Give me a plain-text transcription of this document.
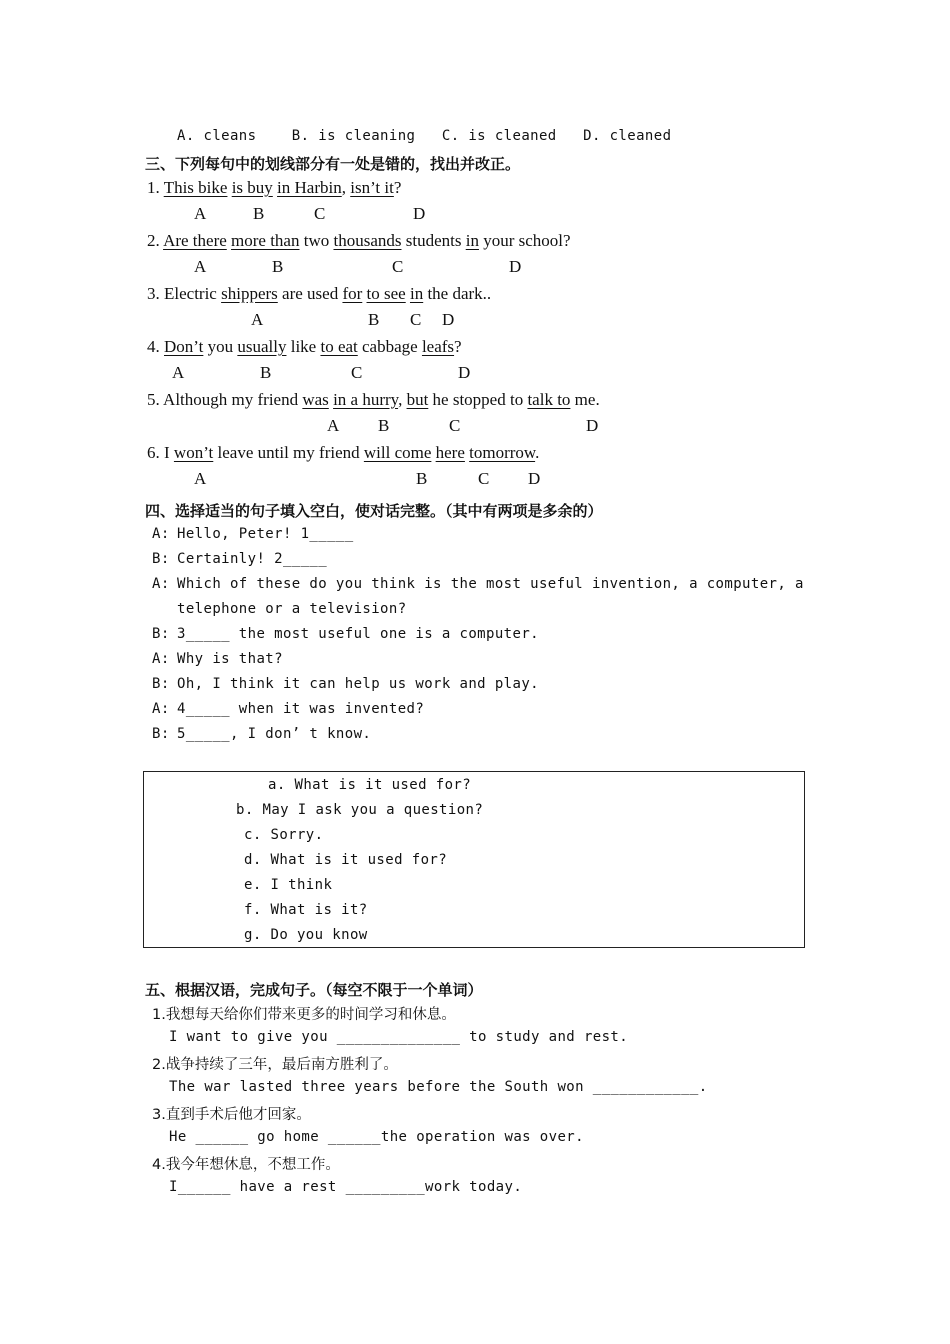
A. cleans    B. is cleaning   C. is cleaned   D. cleaned
三、下列每句中的划线部分有一处是错的，找出并改正。
1. This bike is buy in Harbin, isn’t it?
A	B	C	D
2. Are there more than two thousands students in your school?
A	B	C	D
3. Electric shippers are used for to see in the dark..
A	B C D
4. Don’t you usually like to eat cabbage leafs?
A	B	C	D
5. Although my friend was in a hurry, but he stopped to talk to me.
A B	C	D
6. I won’t leave until my friend will come here tomorrow.
A	B	C D
四、选择适当的句子填入空白，使对话完整。（其中有两项是多余的）
A: Hello, Peter! 1_____
B: Certainly! 2_____
A: Which of these do you think is the most useful invention, a computer, a
telephone or a television?
B: 3_____ the most useful one is a computer.
A: Why is that?
B: Oh, I think it can help us work and play.
A: 4_____ when it was invented?
B: 5_____, I don’ t know.
a. What is it used for?
b. May I ask you a question?
c. Sorry.
d. What is it used for?
e. I think
f. What is it?
g. Do you know
五、根据汉语，完成句子。（每空不限于一个单词）
1.我想每天给你们带来更多的时间学习和休息。
I want to give you ______________ to study and rest.
2.战争持续了三年，最后南方胜利了。
The war lasted three years before the South won ____________.
3.直到手术后他才回家。
He ______ go home ______the operation was over.
4.我今年想休息，不想工作。
I______ have a rest _________work today.
